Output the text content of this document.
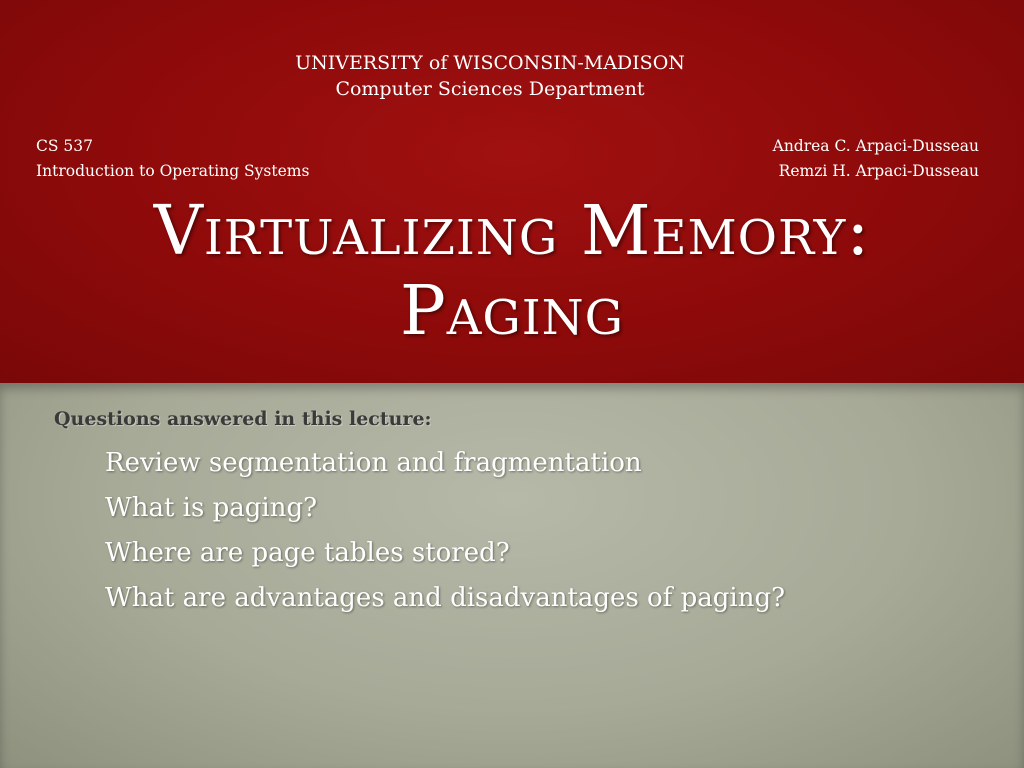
UNIVERSITY of WISCONSIN-MADISON
Computer Sciences Department
CS 537
Introduction to Operating Systems
Andrea C. Arpaci-Dusseau
Remzi H. Arpaci-Dusseau
Virtualizing Memory:
Paging
Questions answered in this lecture:
Review segmentation and fragmentation
What is paging?
Where are page tables stored?
What are advantages and disadvantages of paging?
